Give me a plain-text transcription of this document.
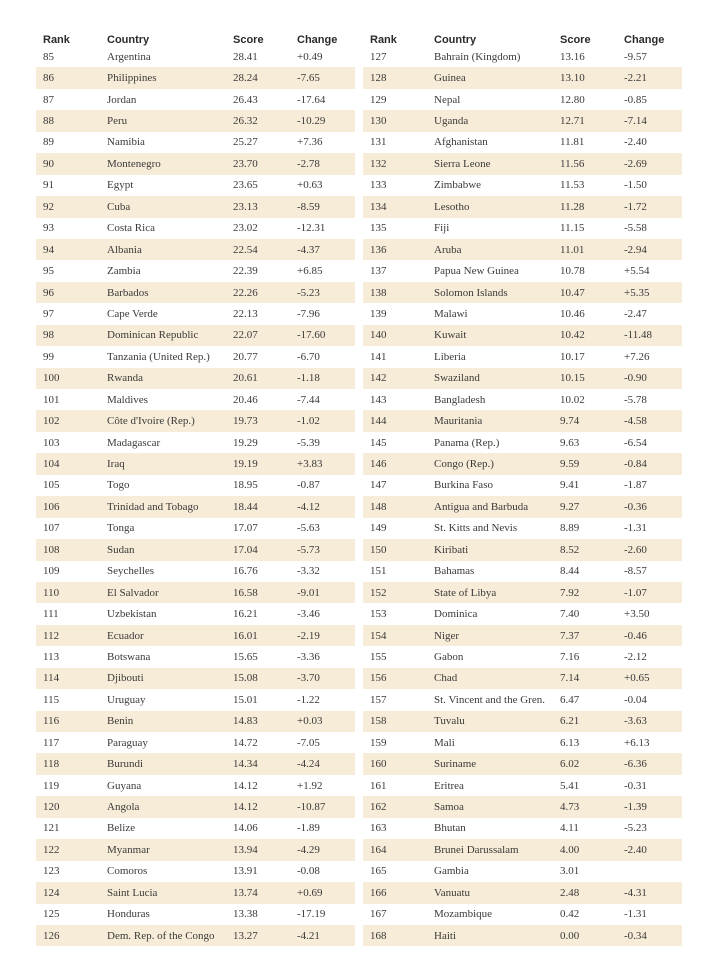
Rank	Country	Score	Change
85	Argentina	28.41	+0.49
86	Philippines	28.24	-7.65
87	Jordan	26.43	-17.64
88	Peru	26.32	-10.29
89	Namibia	25.27	+7.36
90	Montenegro	23.70	-2.78
91	Egypt	23.65	+0.63
92	Cuba	23.13	-8.59
93	Costa Rica	23.02	-12.31
94	Albania	22.54	-4.37
95	Zambia	22.39	+6.85
96	Barbados	22.26	-5.23
97	Cape Verde	22.13	-7.96
98	Dominican Republic	22.07	-17.60
99	Tanzania (United Rep.)	20.77	-6.70
100	Rwanda	20.61	-1.18
101	Maldives	20.46	-7.44
102	Côte d'Ivoire (Rep.)	19.73	-1.02
103	Madagascar	19.29	-5.39
104	Iraq	19.19	+3.83
105	Togo	18.95	-0.87
106	Trinidad and Tobago	18.44	-4.12
107	Tonga	17.07	-5.63
108	Sudan	17.04	-5.73
109	Seychelles	16.76	-3.32
110	El Salvador	16.58	-9.01
111	Uzbekistan	16.21	-3.46
112	Ecuador	16.01	-2.19
113	Botswana	15.65	-3.36
114	Djibouti	15.08	-3.70
115	Uruguay	15.01	-1.22
116	Benin	14.83	+0.03
117	Paraguay	14.72	-7.05
118	Burundi	14.34	-4.24
119	Guyana	14.12	+1.92
120	Angola	14.12	-10.87
121	Belize	14.06	-1.89
122	Myanmar	13.94	-4.29
123	Comoros	13.91	-0.08
124	Saint Lucia	13.74	+0.69
125	Honduras	13.38	-17.19
126	Dem. Rep. of the Congo	13.27	-4.21
Rank	Country	Score	Change
127	Bahrain (Kingdom)	13.16	-9.57
128	Guinea	13.10	-2.21
129	Nepal	12.80	-0.85
130	Uganda	12.71	-7.14
131	Afghanistan	11.81	-2.40
132	Sierra Leone	11.56	-2.69
133	Zimbabwe	11.53	-1.50
134	Lesotho	11.28	-1.72
135	Fiji	11.15	-5.58
136	Aruba	11.01	-2.94
137	Papua New Guinea	10.78	+5.54
138	Solomon Islands	10.47	+5.35
139	Malawi	10.46	-2.47
140	Kuwait	10.42	-11.48
141	Liberia	10.17	+7.26
142	Swaziland	10.15	-0.90
143	Bangladesh	10.02	-5.78
144	Mauritania	9.74	-4.58
145	Panama (Rep.)	9.63	-6.54
146	Congo (Rep.)	9.59	-0.84
147	Burkina Faso	9.41	-1.87
148	Antigua and Barbuda	9.27	-0.36
149	St. Kitts and Nevis	8.89	-1.31
150	Kiribati	8.52	-2.60
151	Bahamas	8.44	-8.57
152	State of Libya	7.92	-1.07
153	Dominica	7.40	+3.50
154	Niger	7.37	-0.46
155	Gabon	7.16	-2.12
156	Chad	7.14	+0.65
157	St. Vincent and the Gren.	6.47	-0.04
158	Tuvalu	6.21	-3.63
159	Mali	6.13	+6.13
160	Suriname	6.02	-6.36
161	Eritrea	5.41	-0.31
162	Samoa	4.73	-1.39
163	Bhutan	4.11	-5.23
164	Brunei Darussalam	4.00	-2.40
165	Gambia	3.01	
166	Vanuatu	2.48	-4.31
167	Mozambique	0.42	-1.31
168	Haiti	0.00	-0.34
